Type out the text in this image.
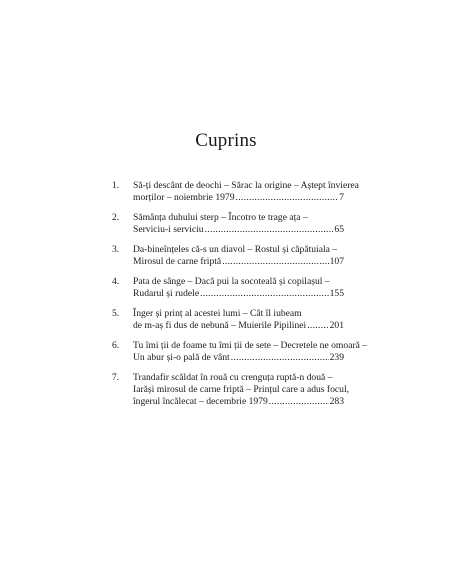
Cuprins
1. Să-ți descânt de deochi – Sărac la origine – Aștept învierea
morților – noiembrie 1979 .....	7
2. Sămânța duhului sterp – Încotro te trage ața –
Serviciu-i serviciu .....	65
3. Da-bineînțeles că-s un diavol – Rostul și căpătuiala –
Mirosul de carne friptă .....	107
4. Pata de sânge – Dacă pui la socoteală și copilașul –
Rudarul și rudele .....	155
5. Înger și prinț al acestei lumi – Cât îl iubeam
de m-aș fi dus de nebună – Muierile Pipilinei ..... 201
6. Tu îmi ții de foame tu îmi ții de sete – Decretele ne omoară –
Un abur și-o pală de vânt .....	239
7. Trandafir scăldat în rouă cu crenguța ruptă-n două –
Iarăși mirosul de carne friptă – Prințul care a adus focul,
îngerul încălecat – decembrie 1979 .....	283
